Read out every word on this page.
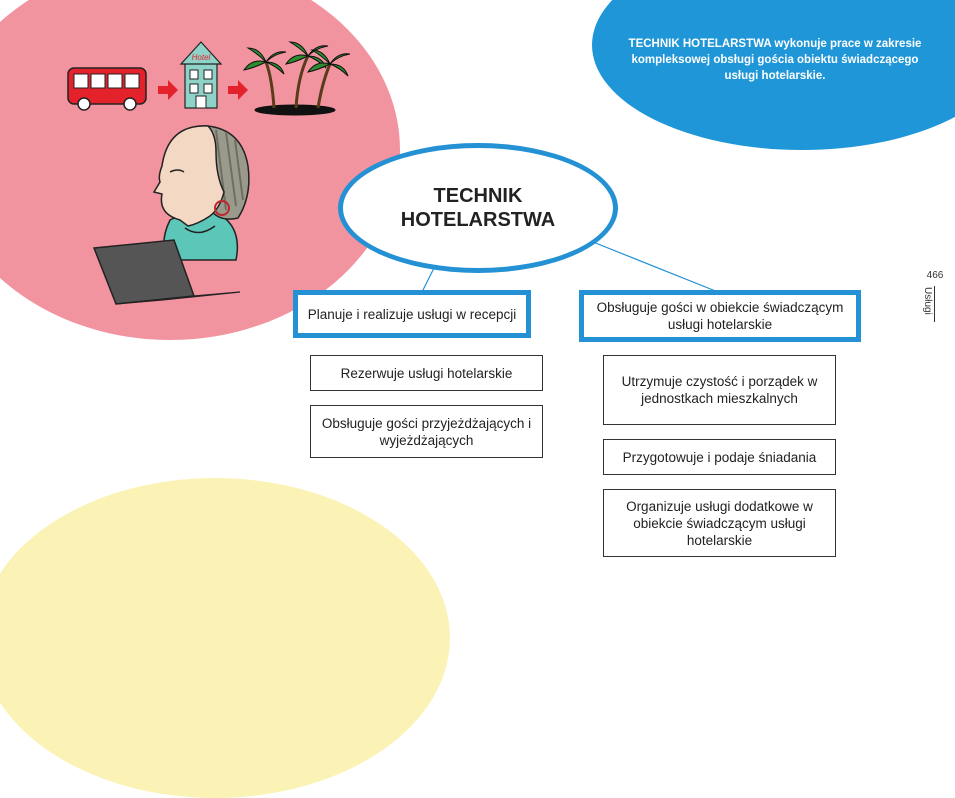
TECHNIK HOTELARSTWA wykonuje prace w zakresie kompleksowej obsługi gościa obiektu świadczącego usługi hotelarskie.
Hotel
TECHNIK
HOTELARSTWA
Planuje i realizuje usługi w recepcji	Obsługuje gości w obiekcie świadczącym usługi hotelarskie
Rezerwuje usługi hotelarskie
Obsługuje gości przyjeżdżających i wyjeżdżających
Utrzymuje czystość i porządek w jednostkach mieszkalnych
Przygotowuje i podaje śniadania
Organizuje usługi dodatkowe w obiekcie świadczącym usługi hotelarskie
466
Usługi
